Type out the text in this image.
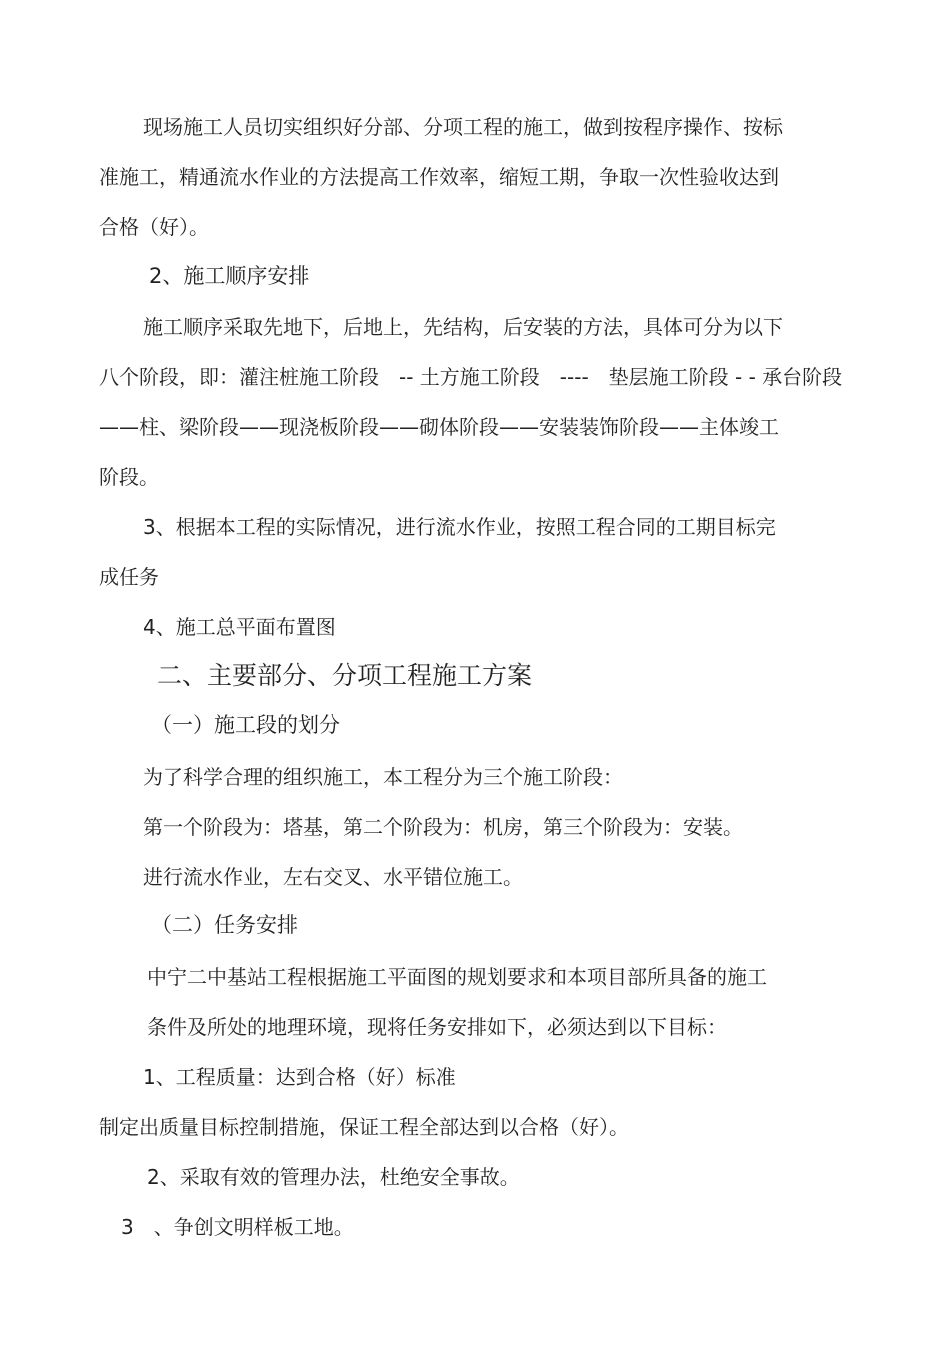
现场施工人员切实组织好分部、分项工程的施工，做到按程序操作、按标
准施工，精通流水作业的方法提高工作效率，缩短工期，争取一次性验收达到
合格（好）。
2、施工顺序安排
施工顺序采取先地下，后地上，先结构，后安装的方法，具体可分为以下
八个阶段，即：灌注桩施工阶段　-- 土方施工阶段　----　垫层施工阶段 - - 承台阶段
——柱、梁阶段——现浇板阶段——砌体阶段——安装装饰阶段——主体竣工
阶段。
3、根据本工程的实际情况，进行流水作业，按照工程合同的工期目标完
成任务
4、施工总平面布置图
二、主要部分、分项工程施工方案
（一）施工段的划分
为了科学合理的组织施工，本工程分为三个施工阶段：
第一个阶段为：塔基，第二个阶段为：机房，第三个阶段为：安装。
进行流水作业，左右交叉、水平错位施工。
（二）任务安排
中宁二中基站工程根据施工平面图的规划要求和本项目部所具备的施工
条件及所处的地理环境，现将任务安排如下，必须达到以下目标：
1、工程质量：达到合格（好）标准
制定出质量目标控制措施，保证工程全部达到以合格（好）。
2、采取有效的管理办法，杜绝安全事故。
3　、争创文明样板工地。
